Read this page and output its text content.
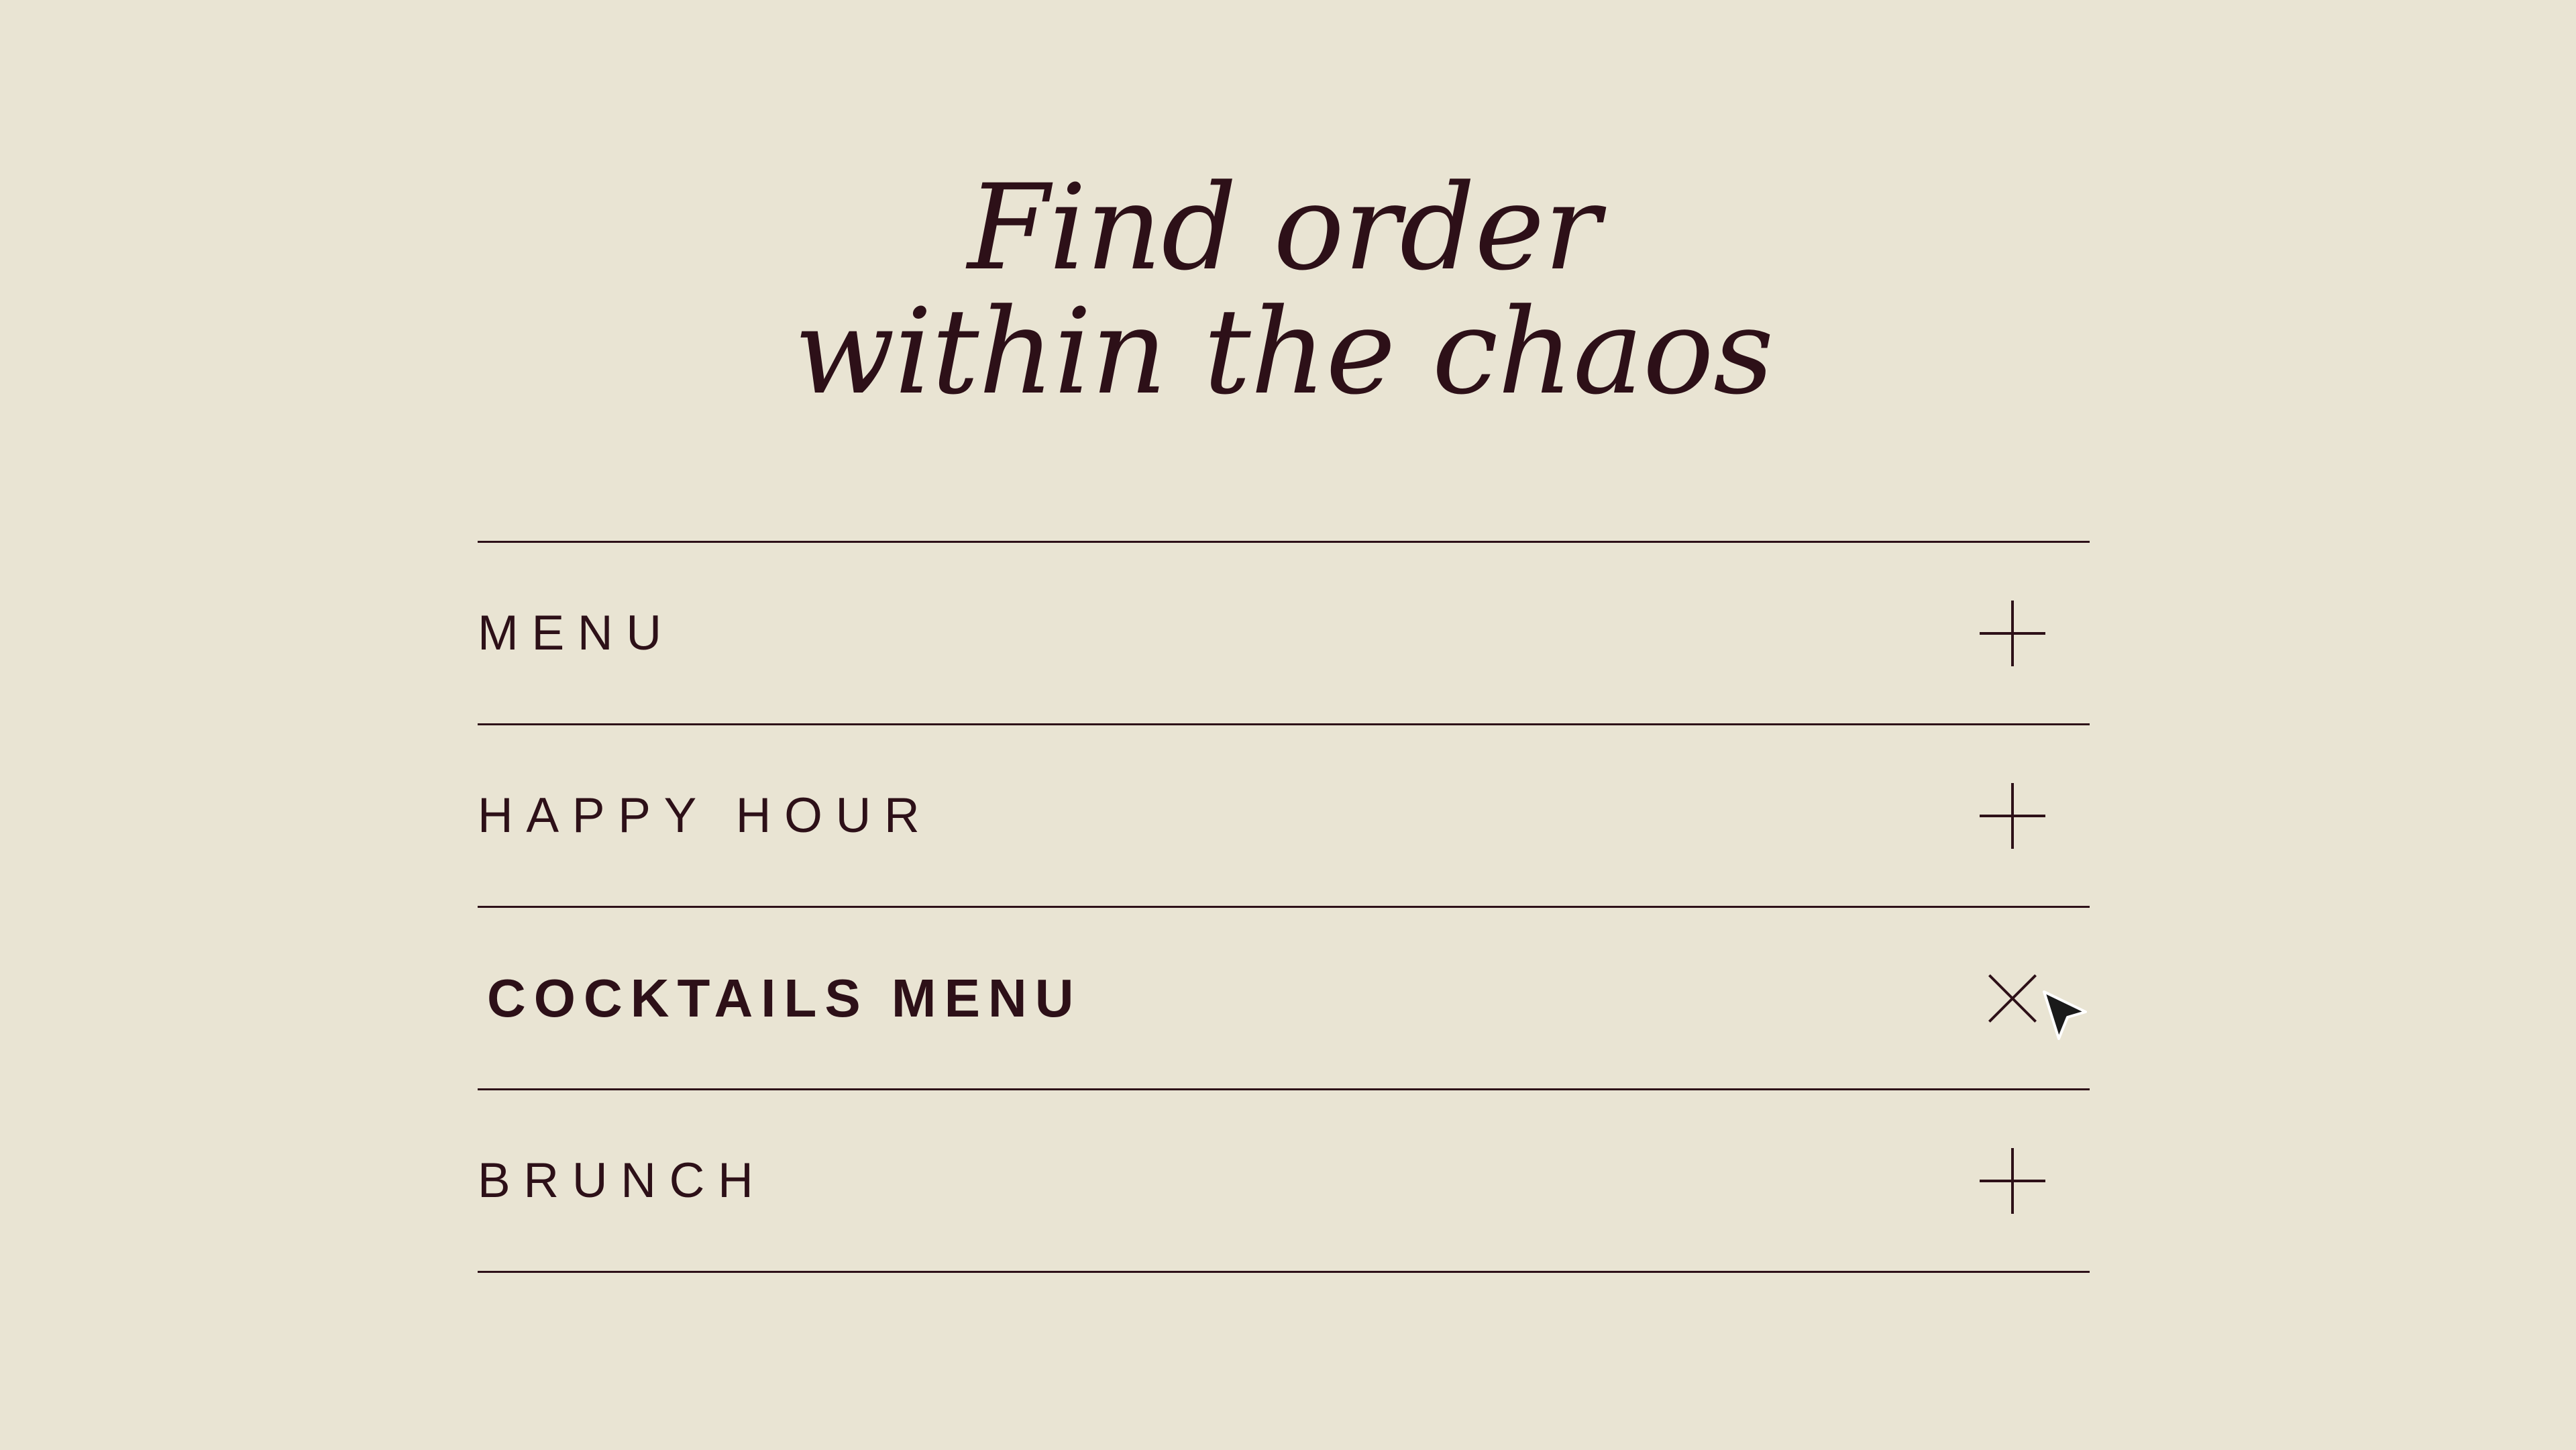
Find order
within the chaos
MENU
HAPPY HOUR
COCKTAILS MENU
BRUNCH
